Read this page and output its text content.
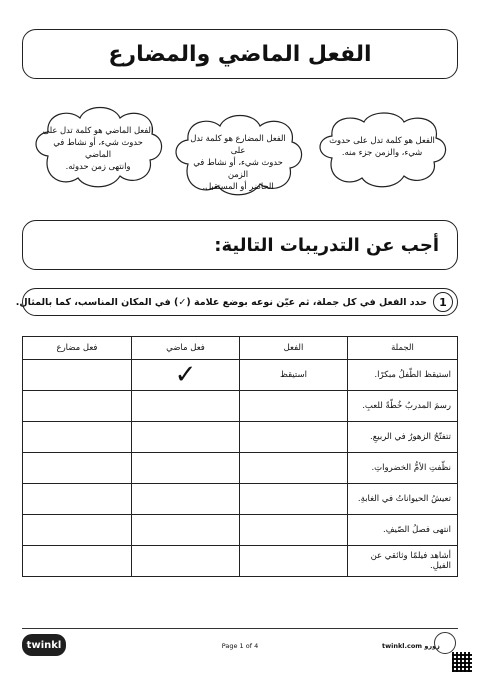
الفعل الماضي والمضارع
الفعل الماضي هو كلمة تدل على
حدوث شيء، أو نشاط في الماضي
وانتهى زمن حدوثه.
الفعل المضارع هو كلمة تدل على
حدوث شيء، أو نشاط في الزمن
الحاضر أو المستقبل.
الفعل هو كلمة تدل على حدوث
شيء، والزمن جزء منه.
أجب عن التدريبات التالية:
1
حدد الفعل في كل جملة، ثم عيّن نوعه بوضع علامة (✓) في المكان المناسب، كما بالمثال.
الجملة	الفعل	فعل ماضي	فعل مضارع
استيقظ الطّفلُ مبكرًا.	استيقظ	✓	
رسمَ المدربُ خُطّةً للعبِ.			
تتفتّحُ الزهورُ في الربيعِ.			
نظّفتِ الأمُّ الخضرواتِ.			
تعيشُ الحيواناتُ في الغابةِ.			
انتهى فصلُ الصّيفِ.			
أشاهد فيلمًا وثائقي عن الفيلِ.			
twinkl	Page 1 of 4	twinkl.com زورو
